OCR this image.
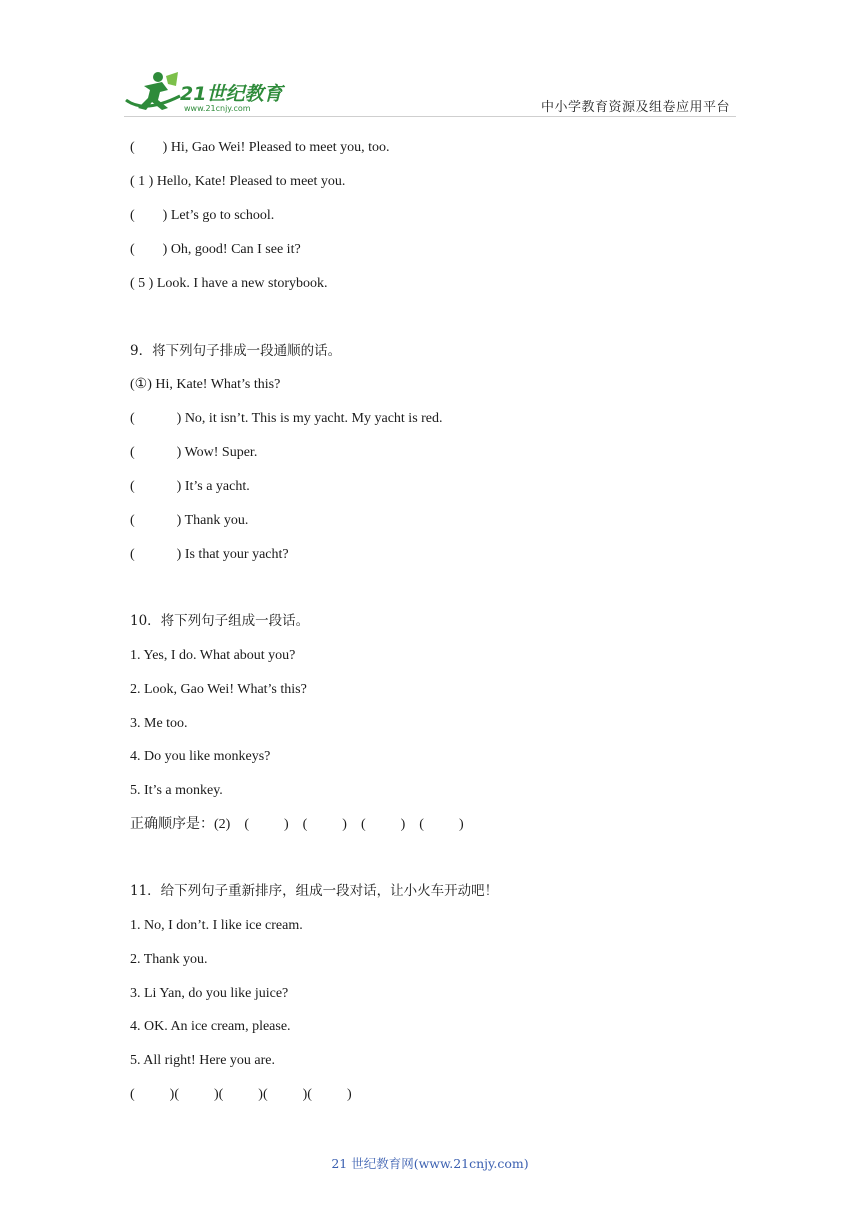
21世纪教育
www.21cnjy.com	中小学教育资源及组卷应用平台
(        ) Hi, Gao Wei! Pleased to meet you, too.
( 1 ) Hello, Kate! Pleased to meet you.
(        ) Let’s go to school.
(        ) Oh, good! Can I see it?
( 5 ) Look. I have a new storybook.
9．将下列句子排成一段通顺的话。
(①) Hi, Kate! What’s this?
(            ) No, it isn’t. This is my yacht. My yacht is red.
(            ) Wow! Super.
(            ) It’s a yacht.
(            ) Thank you.
(            ) Is that your yacht?
10．将下列句子组成一段话。
1. Yes, I do. What about you?
2. Look, Gao Wei! What’s this?
3. Me too.
4. Do you like monkeys?
5. It’s a monkey.
正确顺序是：(2)    (          )    (          )    (          )    (          )
11．给下列句子重新排序，组成一段对话，让小火车开动吧！
1. No, I don’t. I like ice cream.
2. Thank you.
3. Li Yan, do you like juice?
4. OK. An ice cream, please.
5. All right! Here you are.
(          )(          )(          )(          )(          )
21 世纪教育网(www.21cnjy.com)
